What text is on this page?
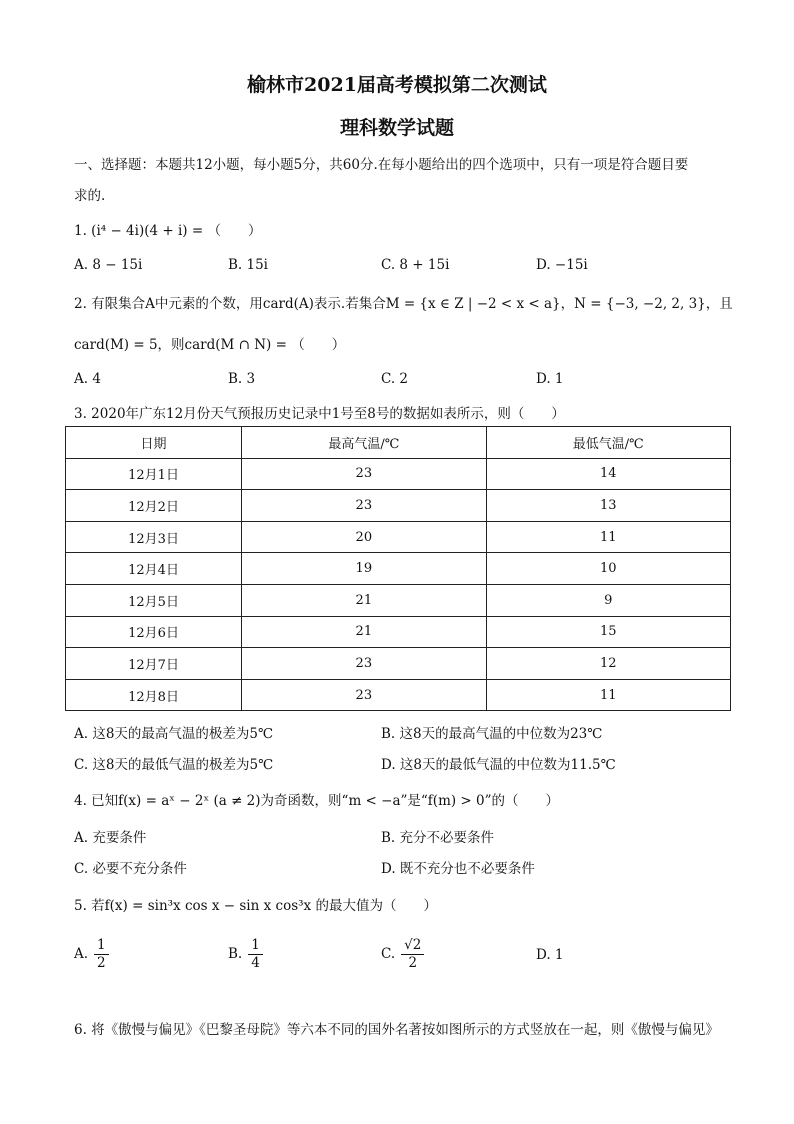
榆林市2021届高考模拟第二次测试
理科数学试题
一、选择题：本题共12小题，每小题5分，共60分.在每小题给出的四个选项中，只有一项是符合题目要
求的.
1. (i⁴ − 4i)(4 + i) = （　　）
A. 8 − 15i	B. 15i	C. 8 + 15i	D. −15i
2. 有限集合A中元素的个数，用card(A)表示.若集合M = {x ∈ Z | −2 < x < a}，N = {−3, −2, 2, 3}，且
card(M) = 5，则card(M ∩ N) = （　　）
A. 4	B. 3	C. 2	D. 1
3. 2020年广东12月份天气预报历史记录中1号至8号的数据如表所示，则（　　）
日期	最高气温/℃	最低气温/℃
12月1日	23	14
12月2日	23	13
12月3日	20	11
12月4日	19	10
12月5日	21	9
12月6日	21	15
12月7日	23	12
12月8日	23	11
A. 这8天的最高气温的极差为5℃	B. 这8天的最高气温的中位数为23℃
C. 这8天的最低气温的极差为5℃	D. 这8天的最低气温的中位数为11.5℃
4. 已知f(x) = aˣ − 2ˣ (a ≠ 2)为奇函数，则“m < −a”是“f(m) > 0”的（　　）
A. 充要条件	B. 充分不必要条件
C. 必要不充分条件	D. 既不充分也不必要条件
5. 若f(x) = sin³x cos x − sin x cos³x 的最大值为（　　）
A. $\frac{1}{2}$	B. $\frac{1}{4}$	C. $\frac{√2}{2}$	D. 1
6. 将《傲慢与偏见》《巴黎圣母院》等六本不同的国外名著按如图所示的方式竖放在一起，则《傲慢与偏见》
